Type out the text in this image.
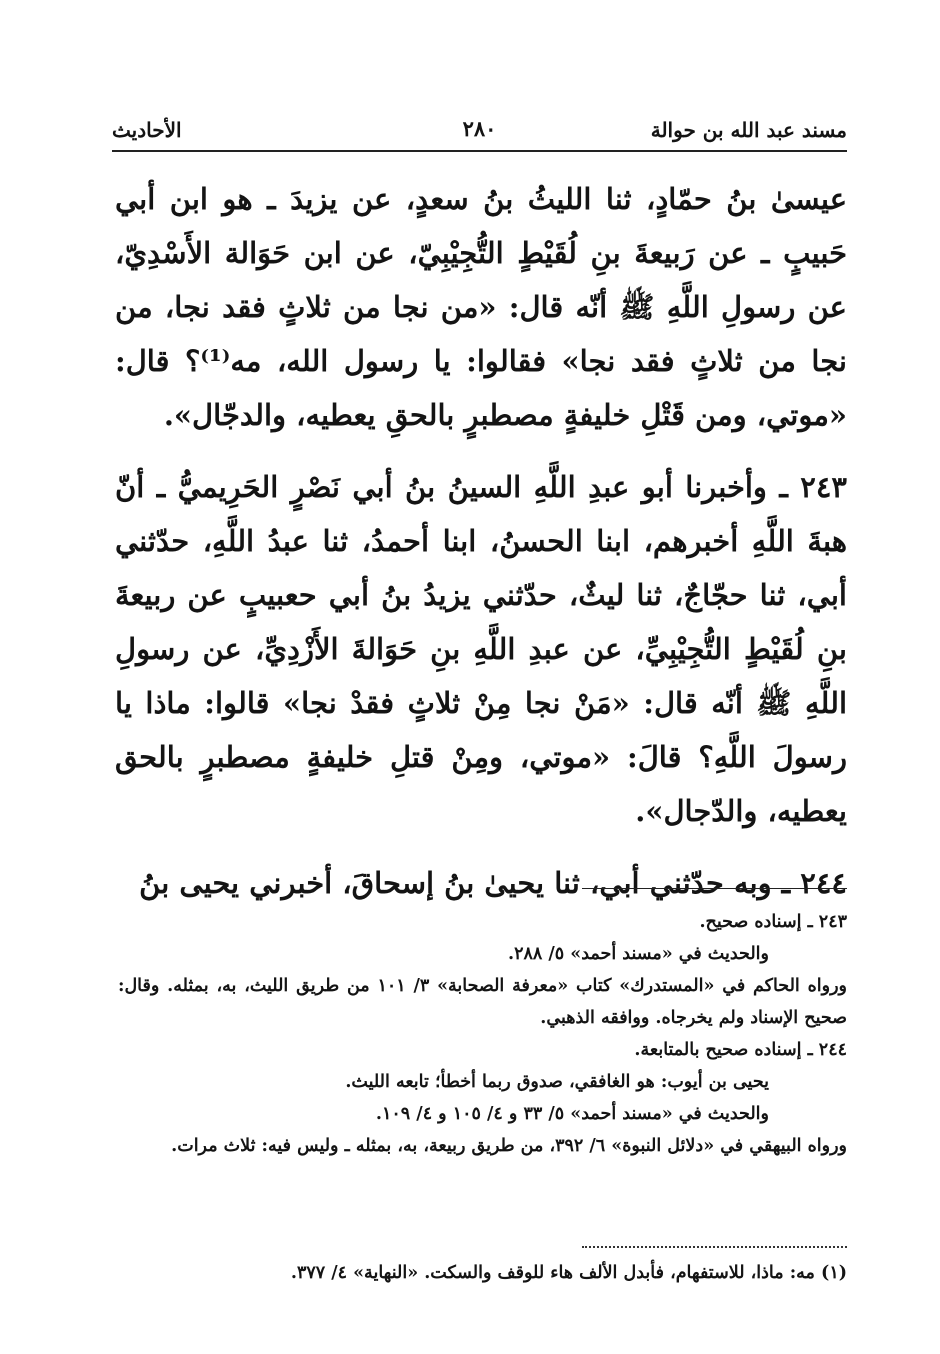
مسند عبد الله بن حوالة
٢٨٠
الأحاديث

عيسىٰ بنُ حمّادٍ، ثنا الليثُ بنُ سعدٍ، عن يزيدَ ـ هو ابن أبي حَبيبٍ ـ عن رَبيعةَ بنِ لُقَيْطٍ التُّجِيْبِيّ، عن ابن حَوَالة الأَسْدِيّ، عن رسولِ اللَّهِ ﷺ أنّه قال: «من نجا من ثلاثٍ فقد نجا، من نجا من ثلاثٍ فقد نجا» فقالوا: يا رسول الله، مه⁽¹⁾؟ قال: «موتي، ومن قَتْلِ خليفةٍ مصطبرٍ بالحقِ يعطيه، والدجّال».

٢٤٣ ـ وأخبرنا أبو عبدِ اللَّهِ السينُ بنُ أبي نَصْرٍ الحَرِيميُّ ـ أنّ هبةَ اللَّهِ أخبرهم، ابنا الحسنُ، ابنا أحمدُ، ثنا عبدُ اللَّهِ، حدّثني أبي، ثنا حجّاجٌ، ثنا ليثٌ، حدّثني يزيدُ بنُ أبي حعبيبٍ عن ربيعةَ بنِ لُقَيْطٍ التُّجِيْبِيِّ، عن عبدِ اللَّهِ بنِ حَوَالةَ الأَزْدِيِّ، عن رسولِ اللَّهِ ﷺ أنّه قال: «مَنْ نجا مِنْ ثلاثٍ فقدْ نجا» قالوا: ماذا يا رسولَ اللَّهِ؟ قالَ: «موتي، ومِنْ قتلِ خليفةٍ مصطبرٍ بالحق يعطيه، والدّجال».

٢٤٤ ـ وبه حدّثني أبي، ثنا يحيىٰ بنُ إسحاقَ، أخبرني يحيى بنُ

٢٤٣ ـ إسناده صحيح.

والحديث في «مسند أحمد» ٥/ ٢٨٨.

ورواه الحاكم في «المستدرك» كتاب «معرفة الصحابة» ٣/ ١٠١ من طريق الليث، به، بمثله. وقال: صحيح الإسناد ولم يخرجاه. ووافقه الذهبي.

٢٤٤ ـ إسناده صحيح بالمتابعة.

يحيى بن أيوب: هو الغافقي، صدوق ربما أخطأ؛ تابعه الليث.

والحديث في «مسند أحمد» ٥/ ٣٣ و ٤/ ١٠٥ و ٤/ ١٠٩.

ورواه البيهقي في «دلائل النبوة» ٦/ ٣٩٢، من طريق ربيعة، به، بمثله ـ وليس فيه: ثلاث مرات.

(١) مه: ماذا، للاستفهام، فأبدل الألف هاء للوقف والسكت. «النهاية» ٤/ ٣٧٧.
